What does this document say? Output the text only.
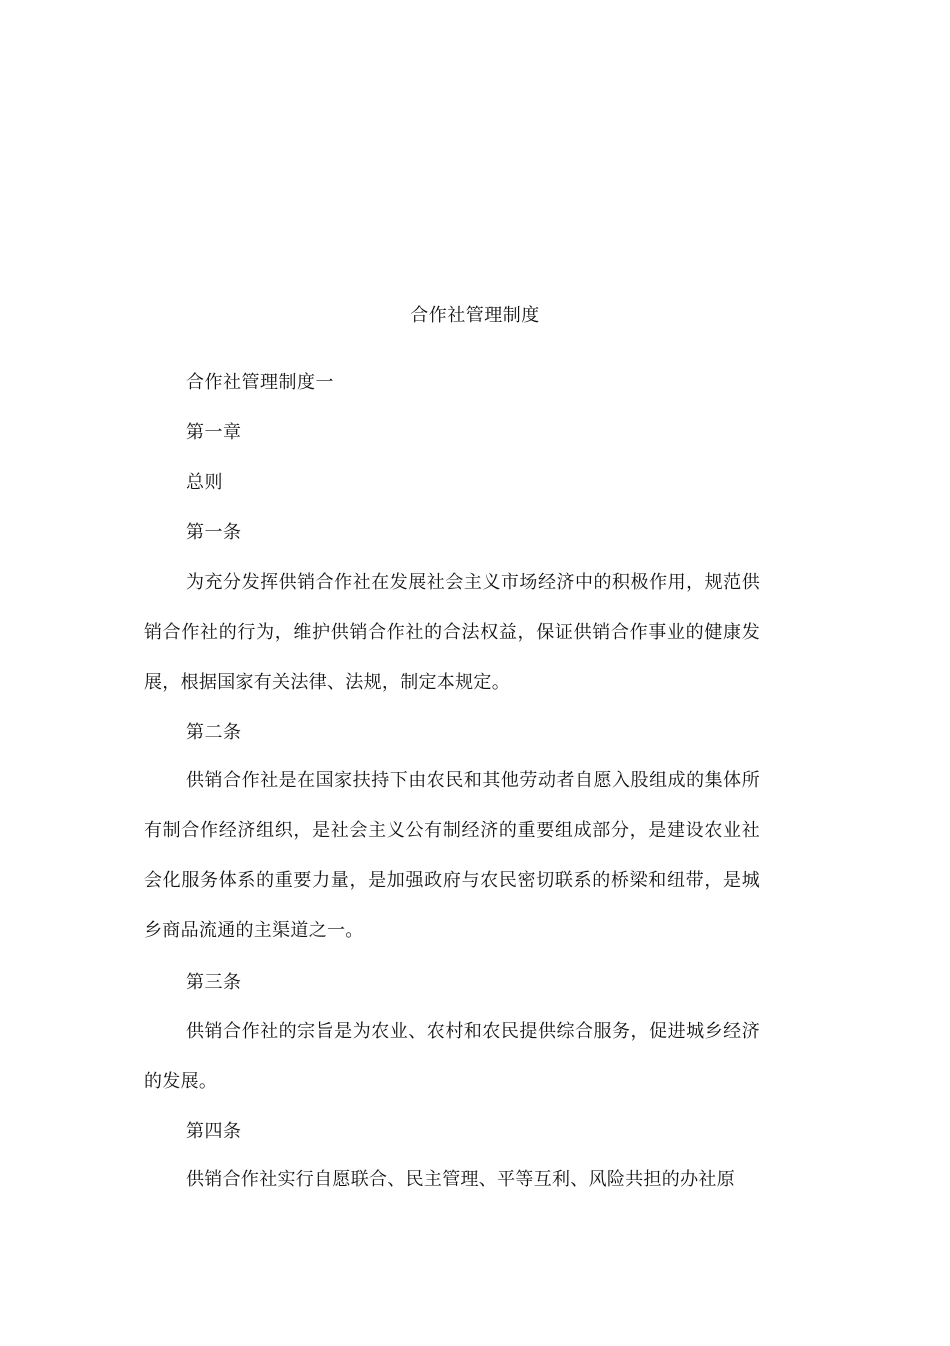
合作社管理制度
合作社管理制度一
第一章
总则
第一条
为充分发挥供销合作社在发展社会主义市场经济中的积极作用，规范供销合作社的行为，维护供销合作社的合法权益，保证供销合作事业的健康发展，根据国家有关法律、法规，制定本规定。
第二条
供销合作社是在国家扶持下由农民和其他劳动者自愿入股组成的集体所有制合作经济组织，是社会主义公有制经济的重要组成部分，是建设农业社会化服务体系的重要力量，是加强政府与农民密切联系的桥梁和纽带，是城乡商品流通的主渠道之一。
第三条
供销合作社的宗旨是为农业、农村和农民提供综合服务，促进城乡经济的发展。
第四条
供销合作社实行自愿联合、民主管理、平等互利、风险共担的办社原
